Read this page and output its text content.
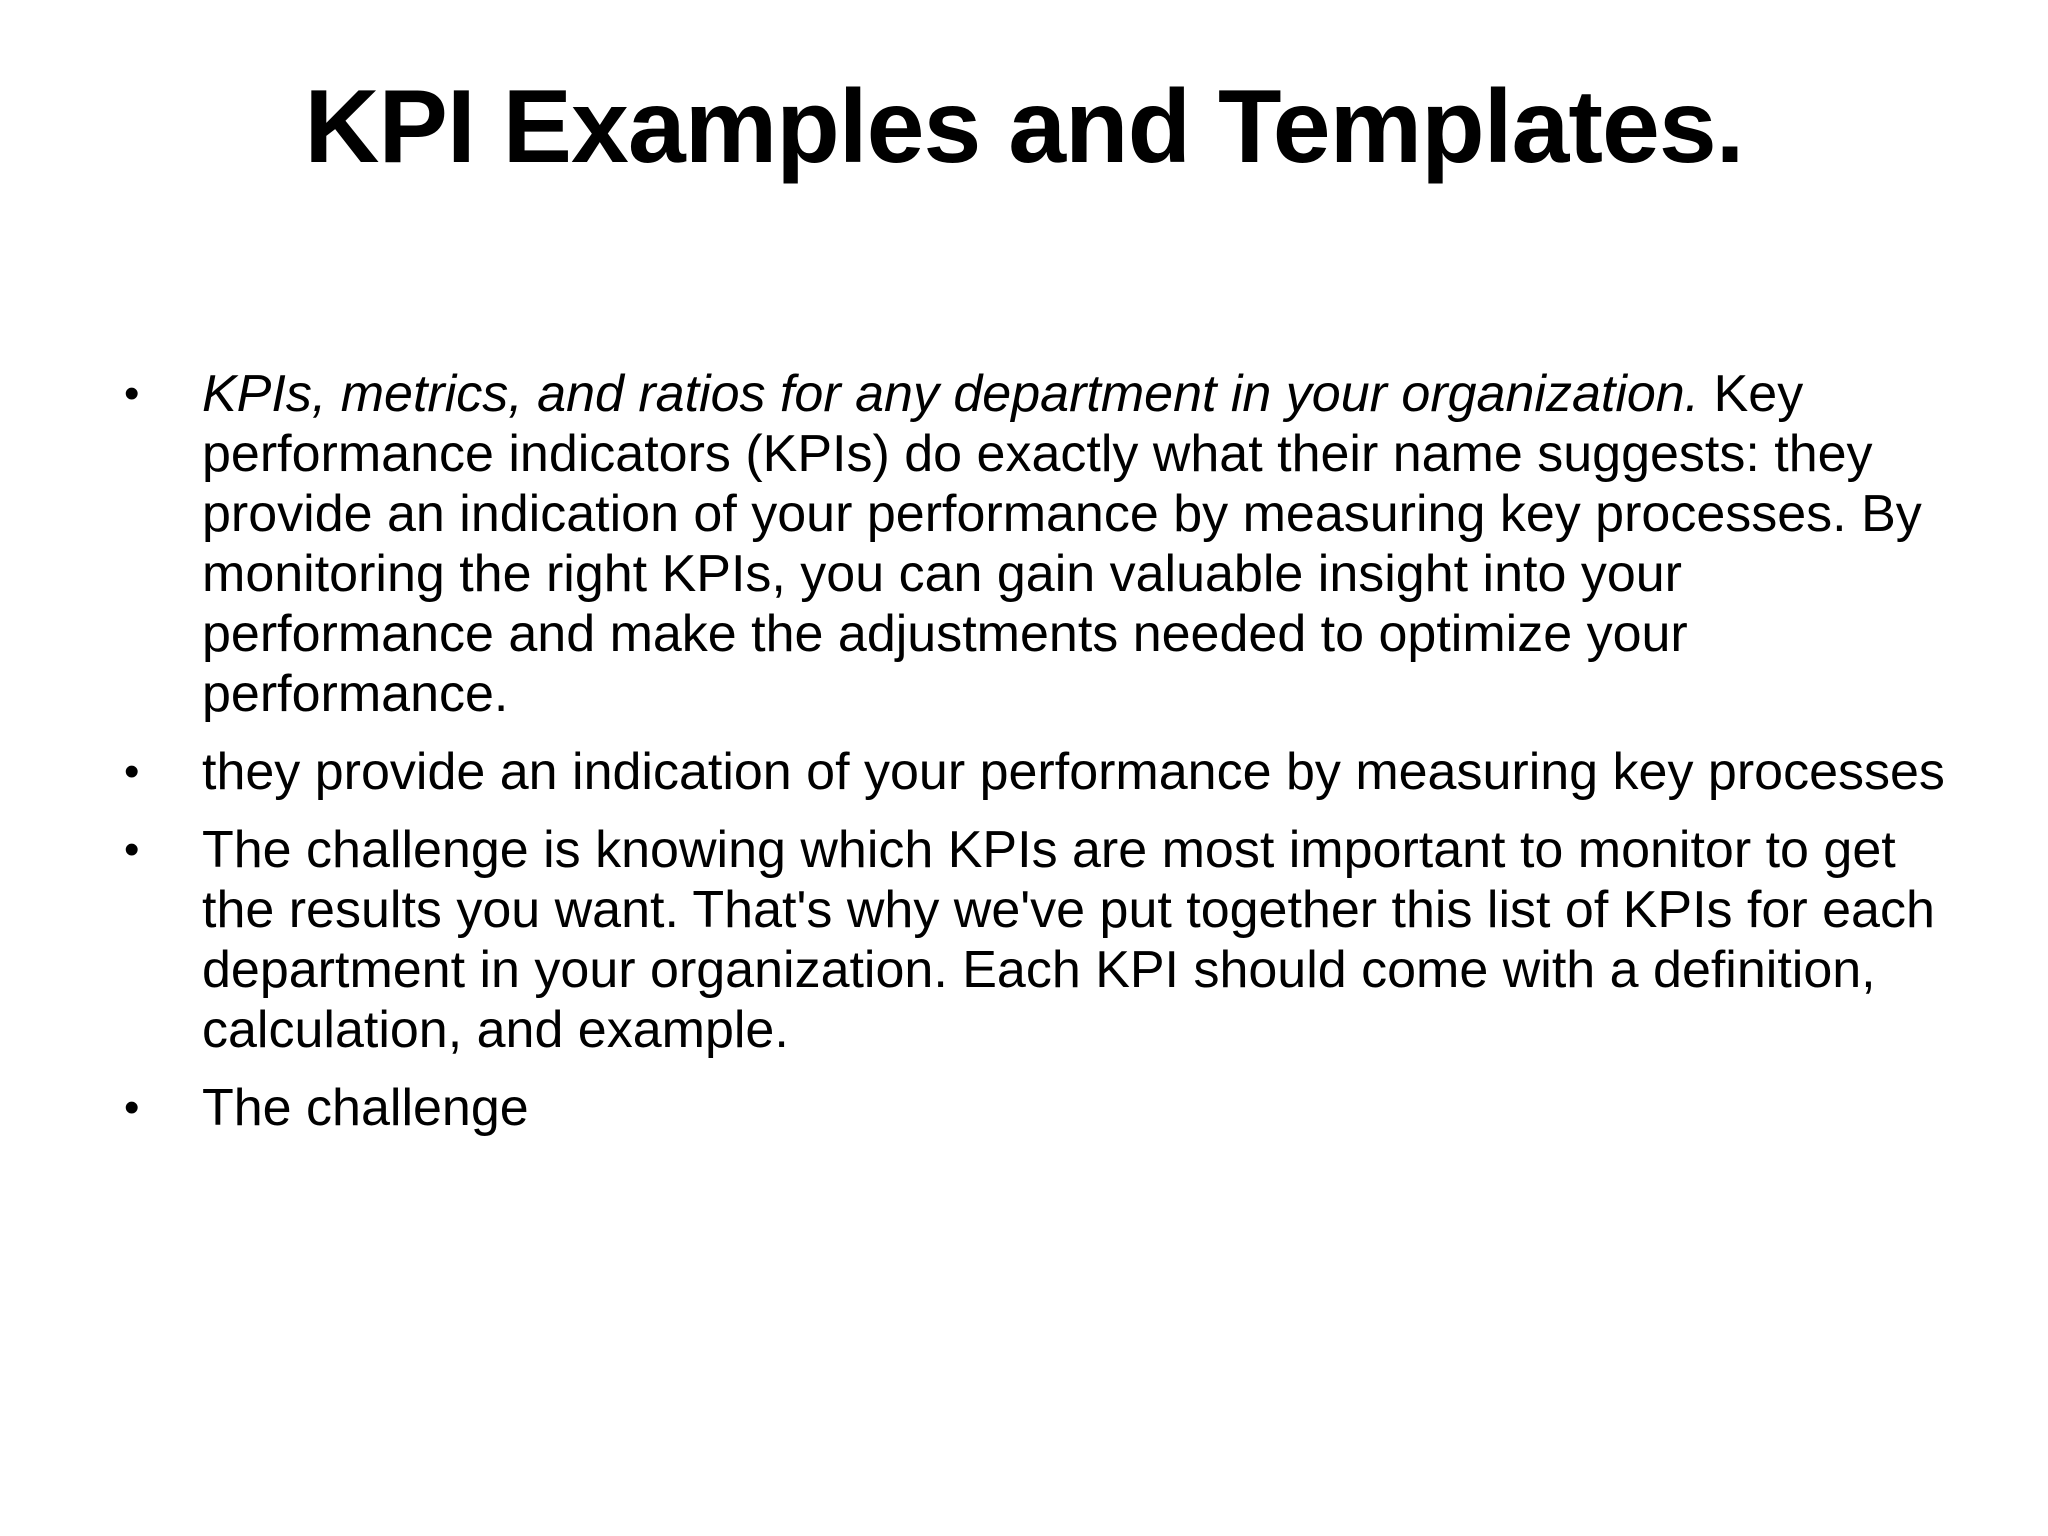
KPI Examples and Templates.
• KPIs, metrics, and ratios for any department in your organization. Key performance indicators (KPIs) do exactly what their name suggests: they provide an indication of your performance by measuring key processes. By monitoring the right KPIs, you can gain valuable insight into your performance and make the adjustments needed to optimize your performance.
• they provide an indication of your performance by measuring key processes
• The challenge is knowing which KPIs are most important to monitor to get the results you want. That's why we've put together this list of KPIs for each department in your organization. Each KPI should come with a definition, calculation, and example.
• The challenge
